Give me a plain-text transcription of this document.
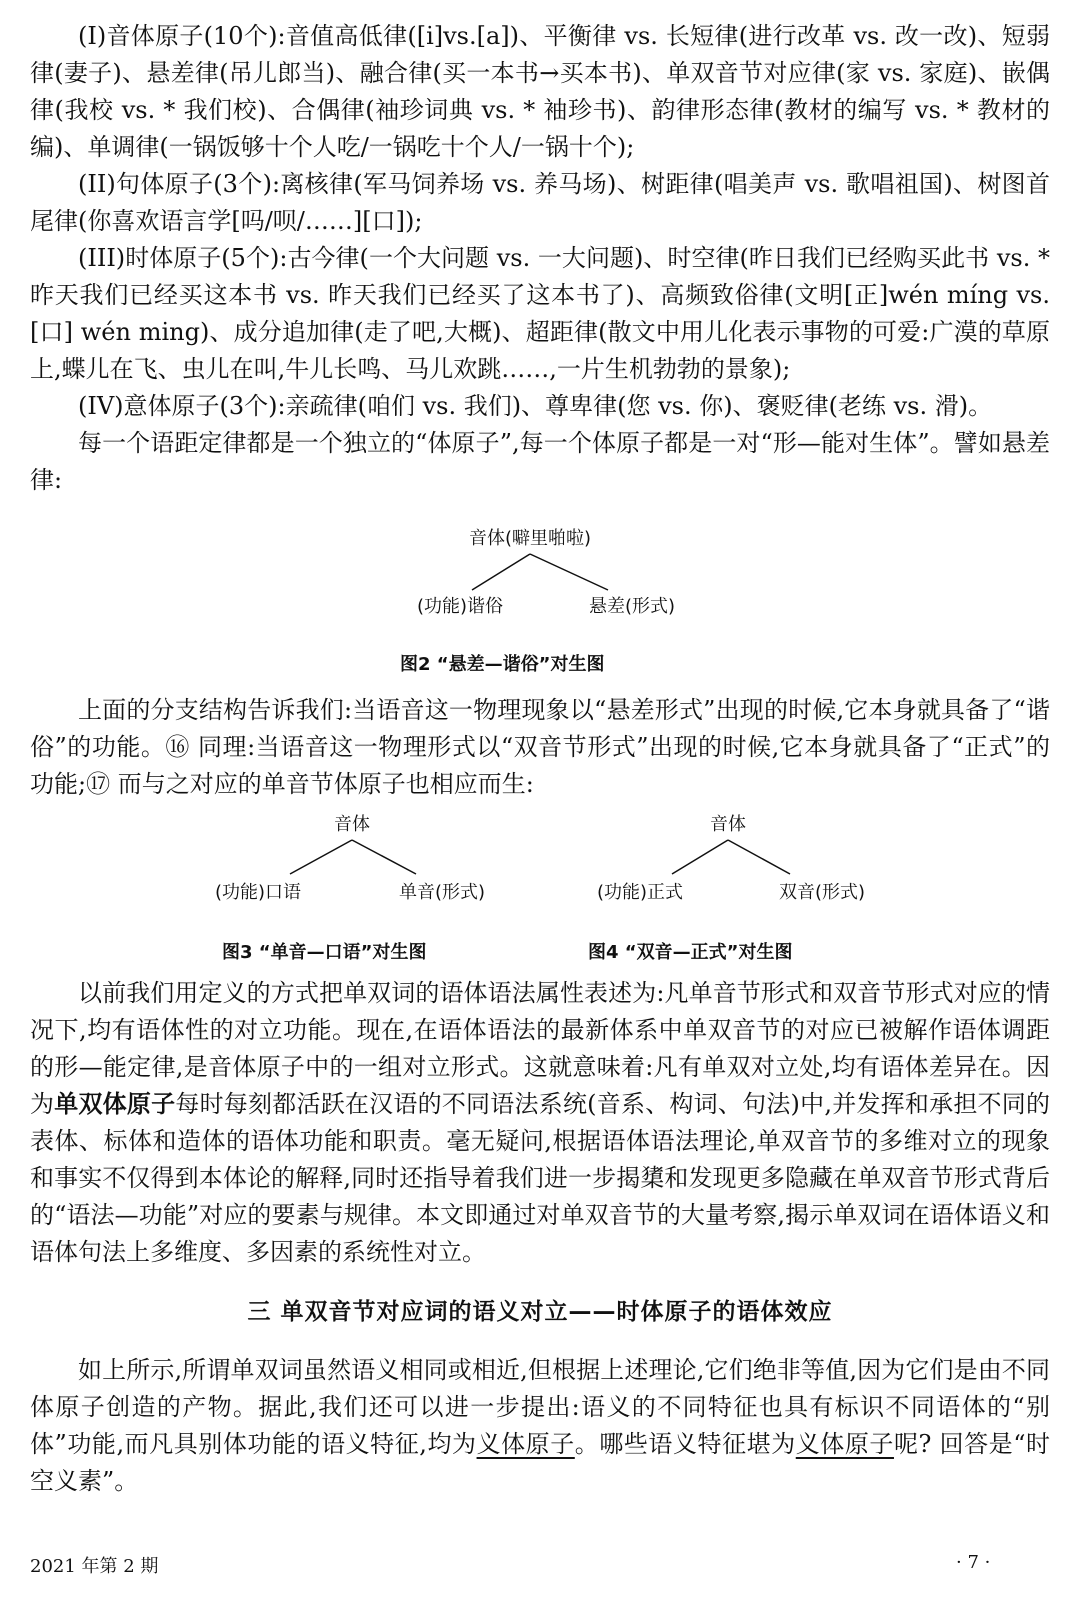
(I)音体原子(10个):音值高低律([i]vs.[a])、平衡律 vs. 长短律(进行改革 vs. 改一改)、短弱律(妻子)、悬差律(吊儿郎当)、融合律(买一本书→买本书)、单双音节对应律(家 vs. 家庭)、嵌偶律(我校 vs. * 我们校)、合偶律(袖珍词典 vs. * 袖珍书)、韵律形态律(教材的编写 vs. * 教材的编)、单调律(一锅饭够十个人吃/一锅吃十个人/一锅十个);

(II)句体原子(3个):离核律(军马饲养场 vs. 养马场)、树距律(唱美声 vs. 歌唱祖国)、树图首尾律(你喜欢语言学[吗/呗/……][口]);

(III)时体原子(5个):古今律(一个大问题 vs. 一大问题)、时空律(昨日我们已经购买此书 vs. * 昨天我们已经买这本书 vs. 昨天我们已经买了这本书了)、高频致俗律(文明[正]wén míng vs.[口] wén ming)、成分追加律(走了吧,大概)、超距律(散文中用儿化表示事物的可爱:广漠的草原上,蝶儿在飞、虫儿在叫,牛儿长鸣、马儿欢跳……,一片生机勃勃的景象);

(IV)意体原子(3个):亲疏律(咱们 vs. 我们)、尊卑律(您 vs. 你)、褒贬律(老练 vs. 滑)。

每一个语距定律都是一个独立的“体原子”,每一个体原子都是一对“形—能对生体”。譬如悬差律:

音体(噼里啪啦)
(功能)谐俗	悬差(形式)
图2 “悬差—谐俗”对生图

上面的分支结构告诉我们:当语音这一物理现象以“悬差形式”出现的时候,它本身就具备了“谐俗”的功能。⑯ 同理:当语音这一物理形式以“双音节形式”出现的时候,它本身就具备了“正式”的功能;⑰ 而与之对应的单音节体原子也相应而生:

音体
(功能)口语	单音(形式)
音体
(功能)正式	双音(形式)
图3 “单音—口语”对生图	图4 “双音—正式”对生图

以前我们用定义的方式把单双词的语体语法属性表述为:凡单音节形式和双音节形式对应的情况下,均有语体性的对立功能。现在,在语体语法的最新体系中单双音节的对应已被解作语体调距的形—能定律,是音体原子中的一组对立形式。这就意味着:凡有单双对立处,均有语体差异在。因为单双体原子每时每刻都活跃在汉语的不同语法系统(音系、构词、句法)中,并发挥和承担不同的表体、标体和造体的语体功能和职责。毫无疑问,根据语体语法理论,单双音节的多维对立的现象和事实不仅得到本体论的解释,同时还指导着我们进一步揭橥和发现更多隐藏在单双音节形式背后的“语法—功能”对应的要素与规律。本文即通过对单双音节的大量考察,揭示单双词在语体语义和语体句法上多维度、多因素的系统性对立。

三 单双音节对应词的语义对立——时体原子的语体效应

如上所示,所谓单双词虽然语义相同或相近,但根据上述理论,它们绝非等值,因为它们是由不同体原子创造的产物。据此,我们还可以进一步提出:语义的不同特征也具有标识不同语体的“别体”功能,而凡具别体功能的语义特征,均为义体原子。哪些语义特征堪为义体原子呢? 回答是“时空义素”。

2021 年第 2 期	· 7 ·
